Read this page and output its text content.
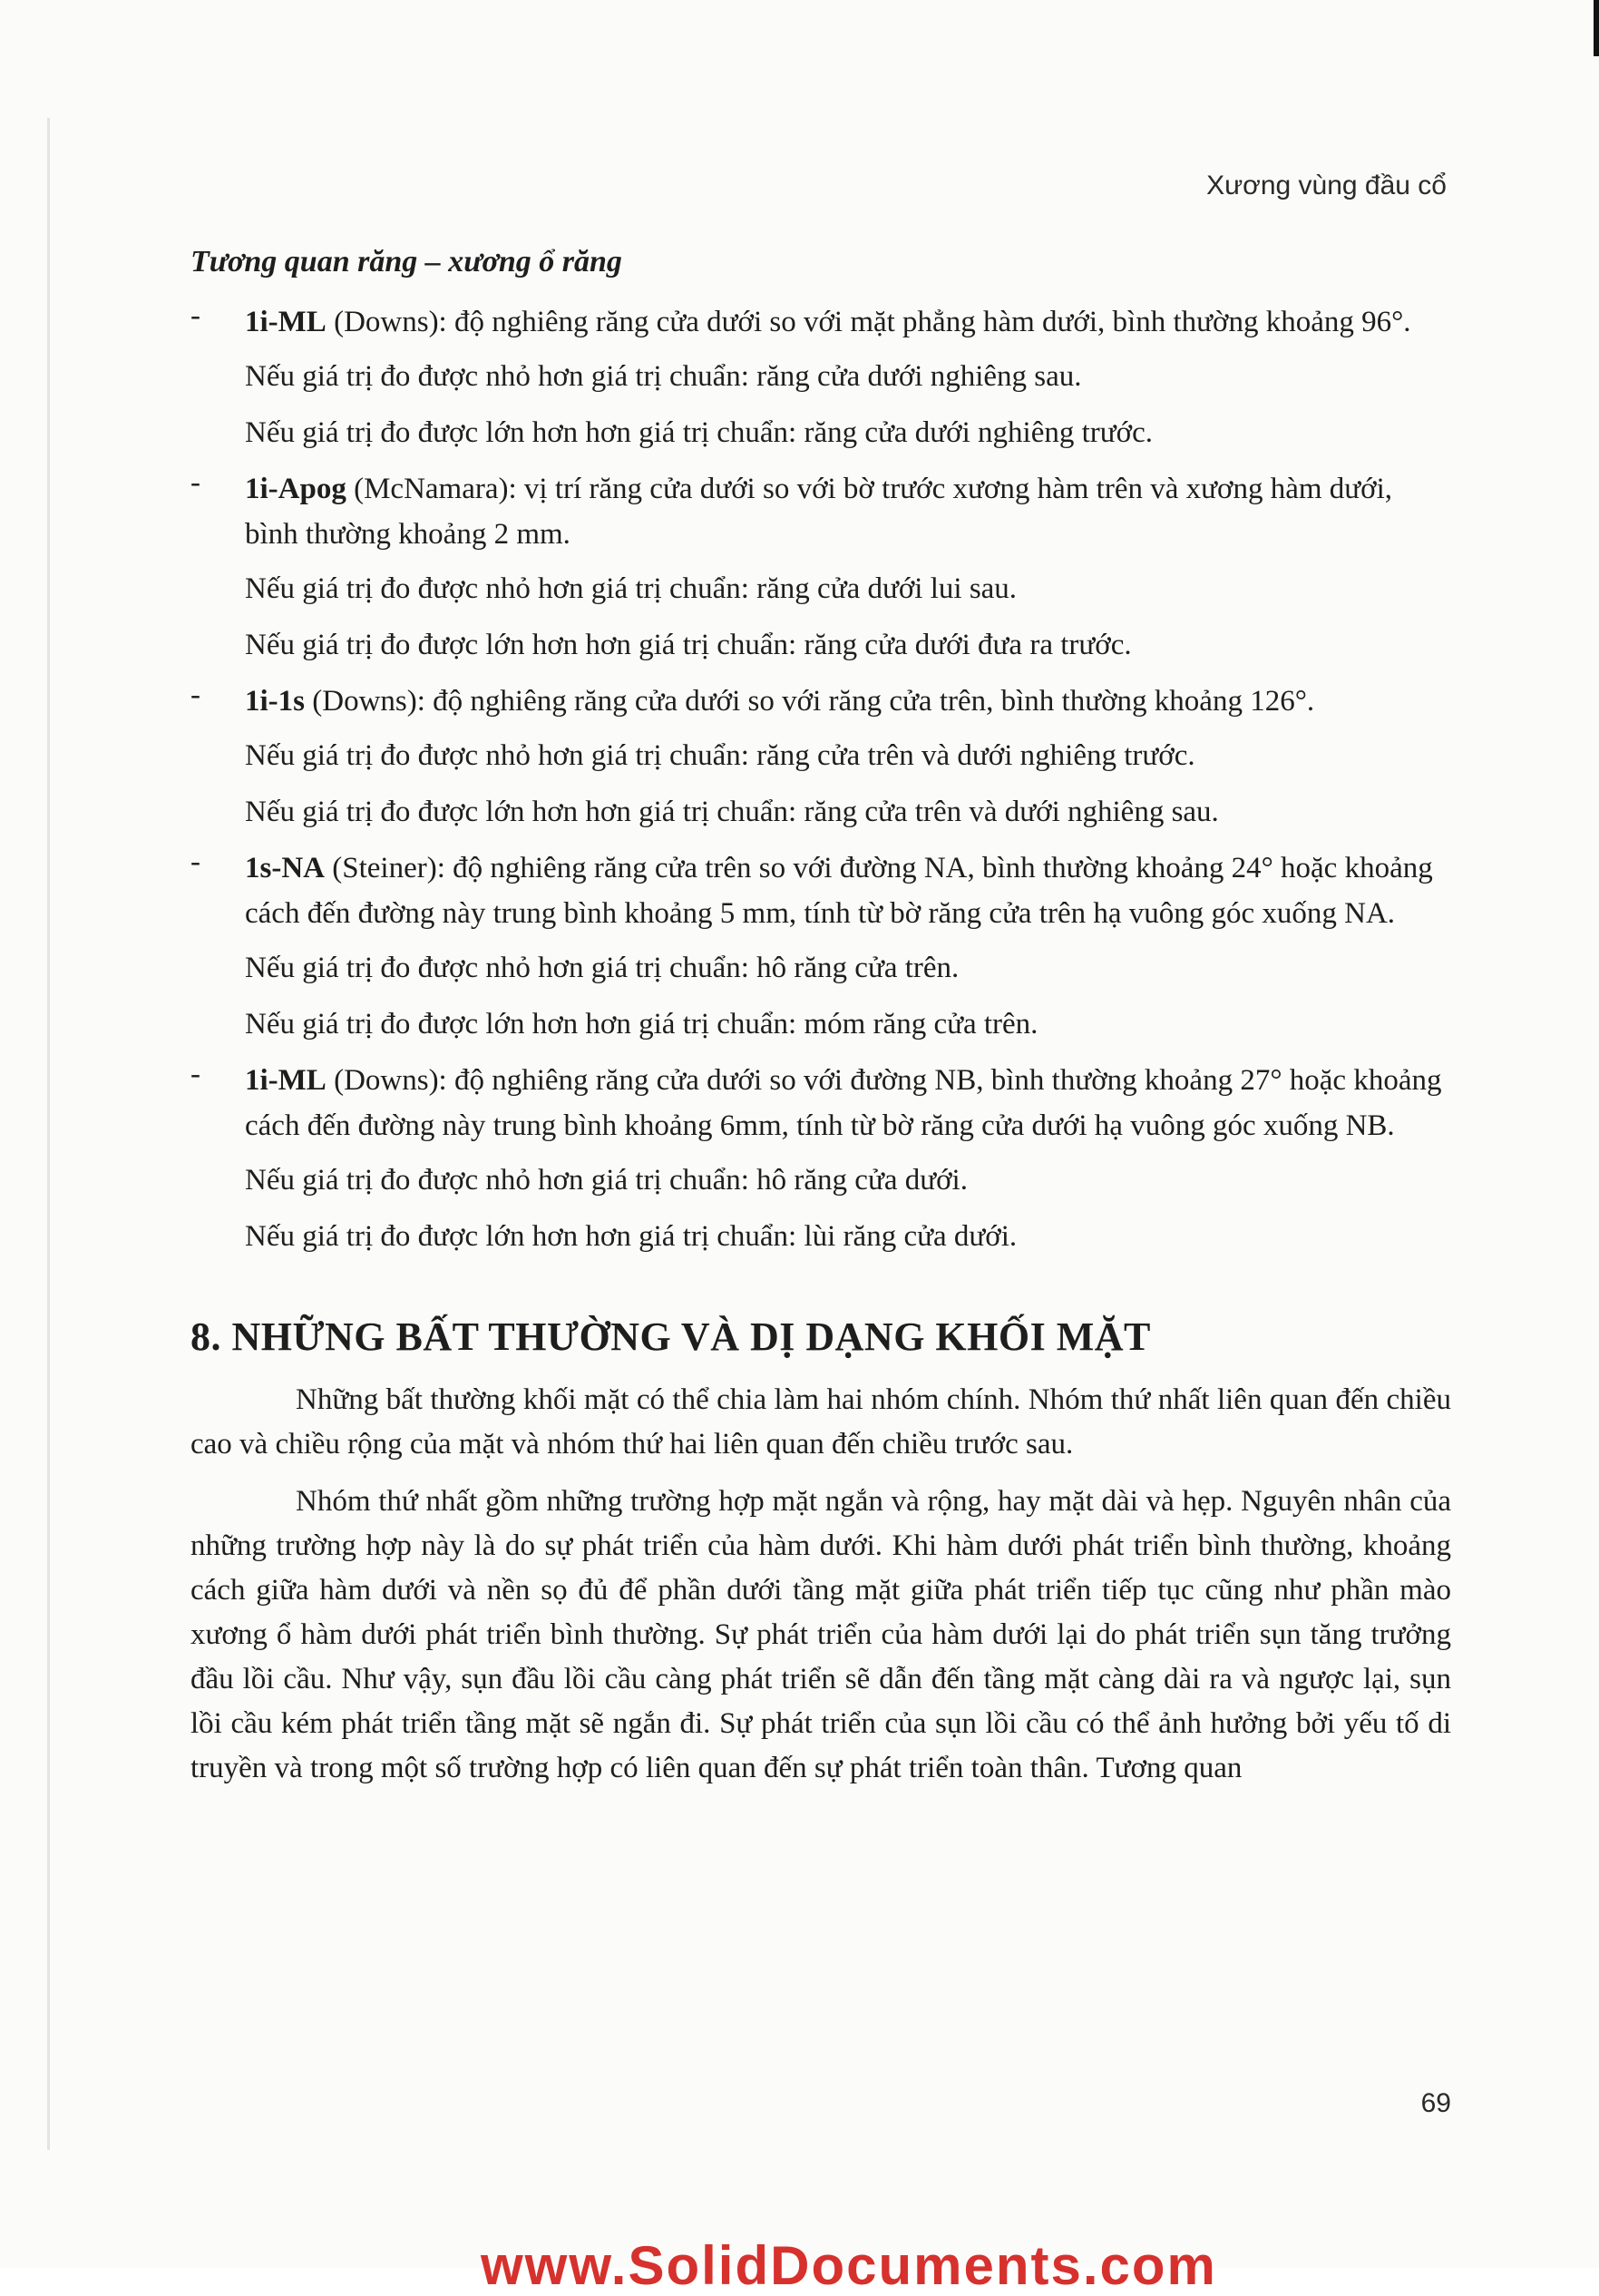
Xương vùng đầu cổ

Tương quan răng – xương ổ răng

- 1i-ML (Downs): độ nghiêng răng cửa dưới so với mặt phẳng hàm dưới, bình thường khoảng 96°.

Nếu giá trị đo được nhỏ hơn giá trị chuẩn: răng cửa dưới nghiêng sau.

Nếu giá trị đo được lớn hơn hơn giá trị chuẩn: răng cửa dưới nghiêng trước.

- 1i-Apog (McNamara): vị trí răng cửa dưới so với bờ trước xương hàm trên và xương hàm dưới, bình thường khoảng 2 mm.

Nếu giá trị đo được nhỏ hơn giá trị chuẩn: răng cửa dưới lui sau.

Nếu giá trị đo được lớn hơn hơn giá trị chuẩn: răng cửa dưới đưa ra trước.

- 1i-1s (Downs): độ nghiêng răng cửa dưới so với răng cửa trên, bình thường khoảng 126°.

Nếu giá trị đo được nhỏ hơn giá trị chuẩn: răng cửa trên và dưới nghiêng trước.

Nếu giá trị đo được lớn hơn hơn giá trị chuẩn: răng cửa trên và dưới nghiêng sau.

- 1s-NA (Steiner): độ nghiêng răng cửa trên so với đường NA, bình thường khoảng 24° hoặc khoảng cách đến đường này trung bình khoảng 5 mm, tính từ bờ răng cửa trên hạ vuông góc xuống NA.

Nếu giá trị đo được nhỏ hơn giá trị chuẩn: hô răng cửa trên.

Nếu giá trị đo được lớn hơn hơn giá trị chuẩn: móm răng cửa trên.

- 1i-ML (Downs): độ nghiêng răng cửa dưới so với đường NB, bình thường khoảng 27° hoặc khoảng cách đến đường này trung bình khoảng 6mm, tính từ bờ răng cửa dưới hạ vuông góc xuống NB.

Nếu giá trị đo được nhỏ hơn giá trị chuẩn: hô răng cửa dưới.

Nếu giá trị đo được lớn hơn hơn giá trị chuẩn: lùi răng cửa dưới.

8. NHỮNG BẤT THƯỜNG VÀ DỊ DẠNG KHỐI MẶT

Những bất thường khối mặt có thể chia làm hai nhóm chính. Nhóm thứ nhất liên quan đến chiều cao và chiều rộng của mặt và nhóm thứ hai liên quan đến chiều trước sau.

Nhóm thứ nhất gồm những trường hợp mặt ngắn và rộng, hay mặt dài và hẹp. Nguyên nhân của những trường hợp này là do sự phát triển của hàm dưới. Khi hàm dưới phát triển bình thường, khoảng cách giữa hàm dưới và nền sọ đủ để phần dưới tầng mặt giữa phát triển tiếp tục cũng như phần mào xương ổ hàm dưới phát triển bình thường. Sự phát triển của hàm dưới lại do phát triển sụn tăng trưởng đầu lồi cầu. Như vậy, sụn đầu lồi cầu càng phát triển sẽ dẫn đến tầng mặt càng dài ra và ngược lại, sụn lồi cầu kém phát triển tầng mặt sẽ ngắn đi. Sự phát triển của sụn lồi cầu có thể ảnh hưởng bởi yếu tố di truyền và trong một số trường hợp có liên quan đến sự phát triển toàn thân. Tương quan

69
www.SolidDocuments.com
